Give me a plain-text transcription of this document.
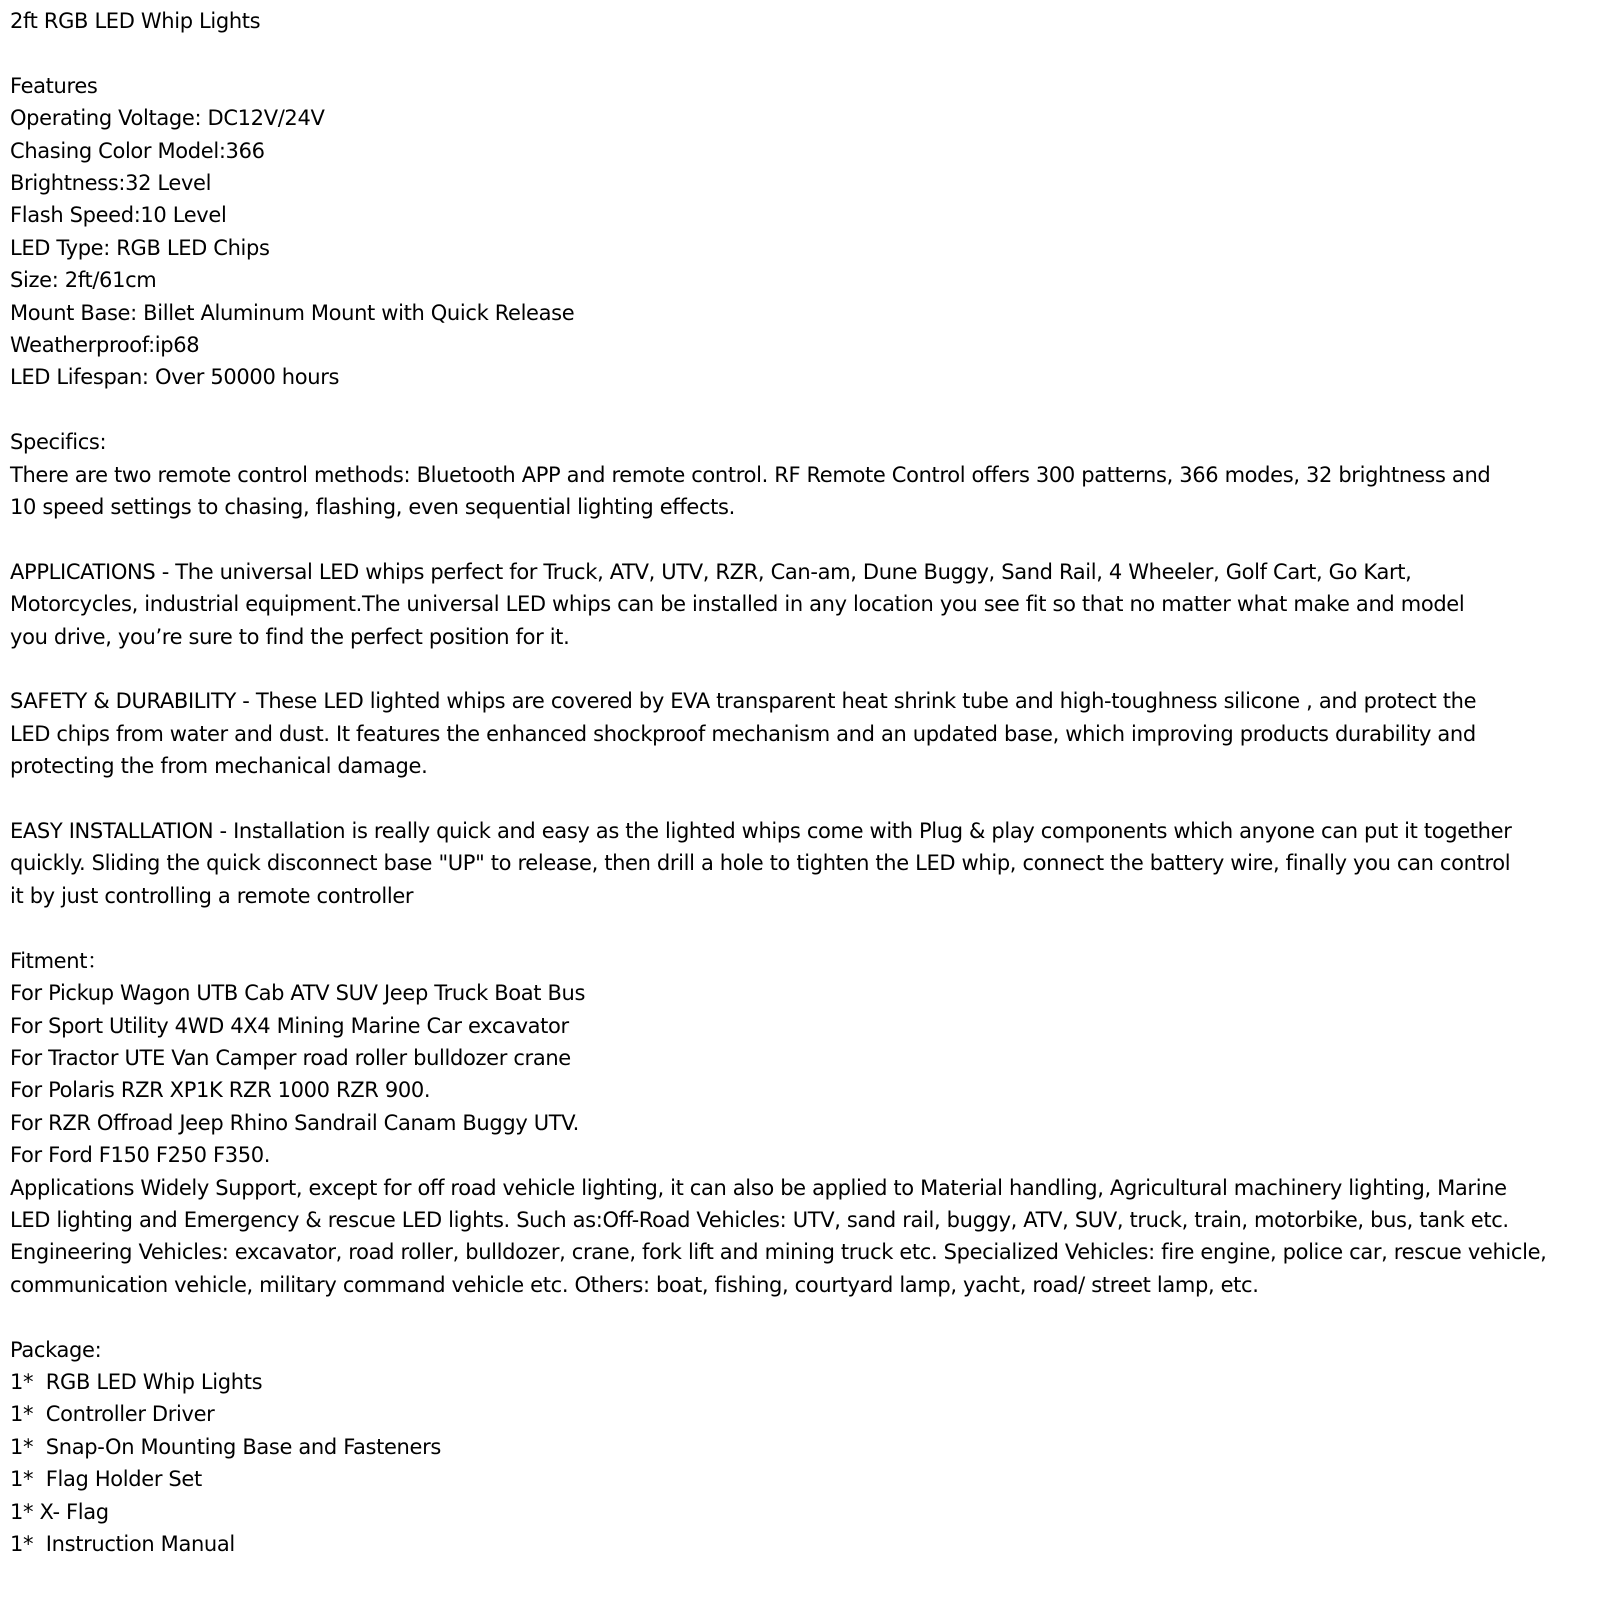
2ft RGB LED Whip Lights
Features
Operating Voltage: DC12V/24V
Chasing Color Model:366
Brightness:32 Level
Flash Speed:10 Level
LED Type: RGB LED Chips
Size: 2ft/61cm
Mount Base: Billet Aluminum Mount with Quick Release
Weatherproof:ip68
LED Lifespan: Over 50000 hours
Specifics:
There are two remote control methods: Bluetooth APP and remote control. RF Remote Control offers 300 patterns, 366 modes, 32 brightness and
10 speed settings to chasing, flashing, even sequential lighting effects.
APPLICATIONS - The universal LED whips perfect for Truck, ATV, UTV, RZR, Can-am, Dune Buggy, Sand Rail, 4 Wheeler, Golf Cart, Go Kart,
Motorcycles, industrial equipment.The universal LED whips can be installed in any location you see fit so that no matter what make and model
you drive, you’re sure to find the perfect position for it.
SAFETY & DURABILITY - These LED lighted whips are covered by EVA transparent heat shrink tube and high-toughness silicone , and protect the
LED chips from water and dust. It features the enhanced shockproof mechanism and an updated base, which improving products durability and
protecting the from mechanical damage.
EASY INSTALLATION - Installation is really quick and easy as the lighted whips come with Plug & play components which anyone can put it together
quickly. Sliding the quick disconnect base "UP" to release, then drill a hole to tighten the LED whip, connect the battery wire, finally you can control
it by just controlling a remote controller
Fitment：
For Pickup Wagon UTB Cab ATV SUV Jeep Truck Boat Bus
For Sport Utility 4WD 4X4 Mining Marine Car excavator
For Tractor UTE Van Camper road roller bulldozer crane
For Polaris RZR XP1K RZR 1000 RZR 900.
For RZR Offroad Jeep Rhino Sandrail Canam Buggy UTV.
For Ford F150 F250 F350.
Applications Widely Support, except for off road vehicle lighting, it can also be applied to Material handling, Agricultural machinery lighting, Marine
LED lighting and Emergency & rescue LED lights. Such as:Off-Road Vehicles: UTV, sand rail, buggy, ATV, SUV, truck, train, motorbike, bus, tank etc.
Engineering Vehicles: excavator, road roller, bulldozer, crane, fork lift and mining truck etc. Specialized Vehicles: fire engine, police car, rescue vehicle,
communication vehicle, military command vehicle etc. Others: boat, fishing, courtyard lamp, yacht, road/ street lamp, etc.
Package:
1*  RGB LED Whip Lights
1*  Controller Driver
1*  Snap-On Mounting Base and Fasteners
1*  Flag Holder Set
1* X- Flag
1*  Instruction Manual
